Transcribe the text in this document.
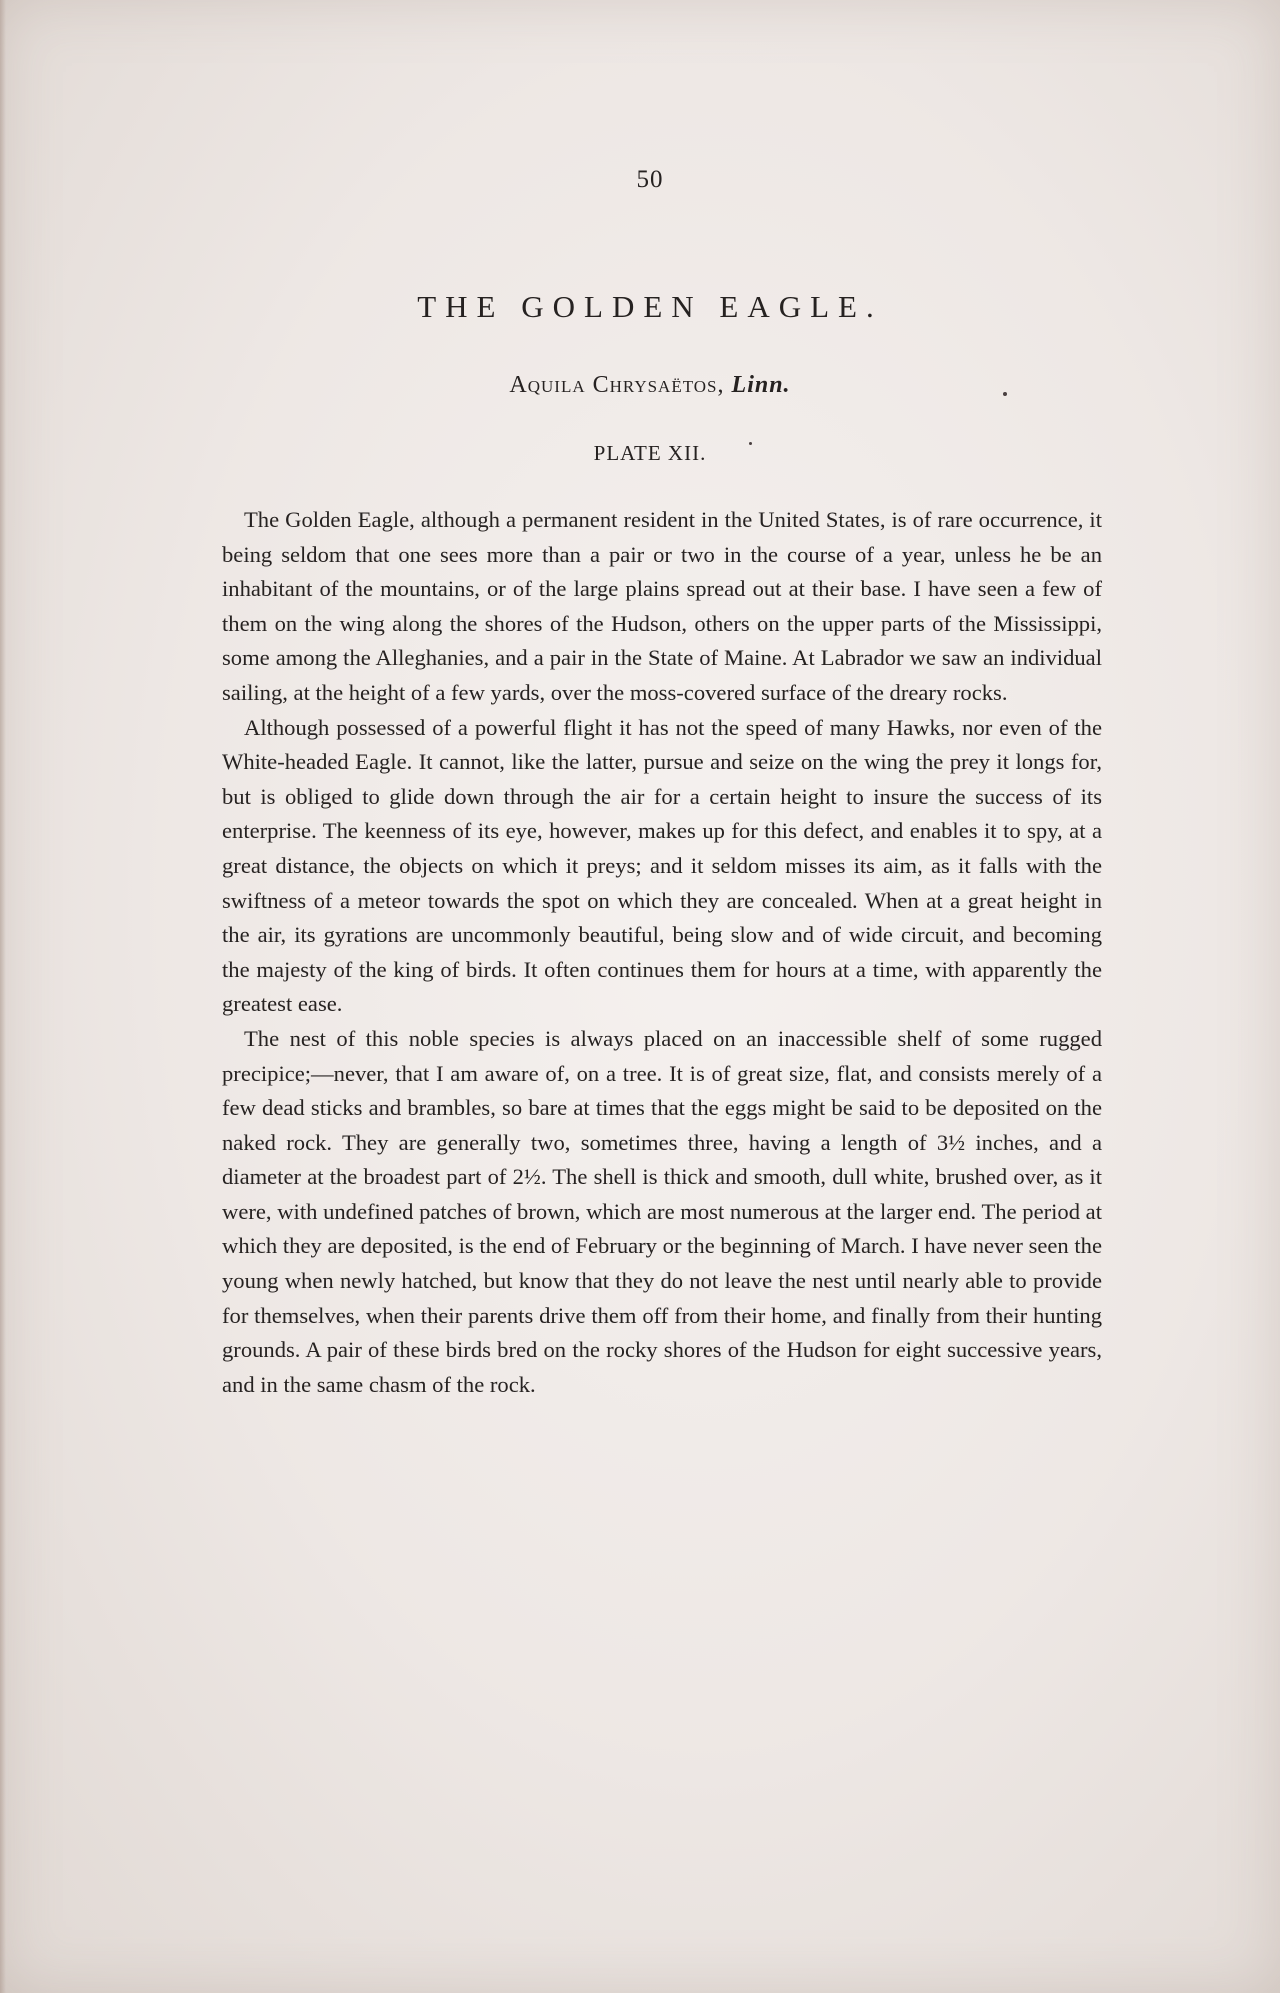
50
THE GOLDEN EAGLE.
Aquila Chrysaëtos, Linn.
PLATE XII.

The Golden Eagle, although a permanent resident in the United States, is of rare occurrence, it being seldom that one sees more than a pair or two in the course of a year, unless he be an inhabitant of the mountains, or of the large plains spread out at their base. I have seen a few of them on the wing along the shores of the Hudson, others on the upper parts of the Mississippi, some among the Alleghanies, and a pair in the State of Maine. At Labrador we saw an individual sailing, at the height of a few yards, over the moss-covered surface of the dreary rocks.

Although possessed of a powerful flight it has not the speed of many Hawks, nor even of the White-headed Eagle. It cannot, like the latter, pursue and seize on the wing the prey it longs for, but is obliged to glide down through the air for a certain height to insure the success of its enterprise. The keenness of its eye, however, makes up for this defect, and enables it to spy, at a great distance, the objects on which it preys; and it seldom misses its aim, as it falls with the swiftness of a meteor towards the spot on which they are concealed. When at a great height in the air, its gyrations are uncommonly beautiful, being slow and of wide circuit, and becoming the majesty of the king of birds. It often continues them for hours at a time, with apparently the greatest ease.

The nest of this noble species is always placed on an inaccessible shelf of some rugged precipice;—never, that I am aware of, on a tree. It is of great size, flat, and consists merely of a few dead sticks and brambles, so bare at times that the eggs might be said to be deposited on the naked rock. They are generally two, sometimes three, having a length of 3½ inches, and a diameter at the broadest part of 2½. The shell is thick and smooth, dull white, brushed over, as it were, with undefined patches of brown, which are most numerous at the larger end. The period at which they are deposited, is the end of February or the beginning of March. I have never seen the young when newly hatched, but know that they do not leave the nest until nearly able to provide for themselves, when their parents drive them off from their home, and finally from their hunting grounds. A pair of these birds bred on the rocky shores of the Hudson for eight successive years, and in the same chasm of the rock.
